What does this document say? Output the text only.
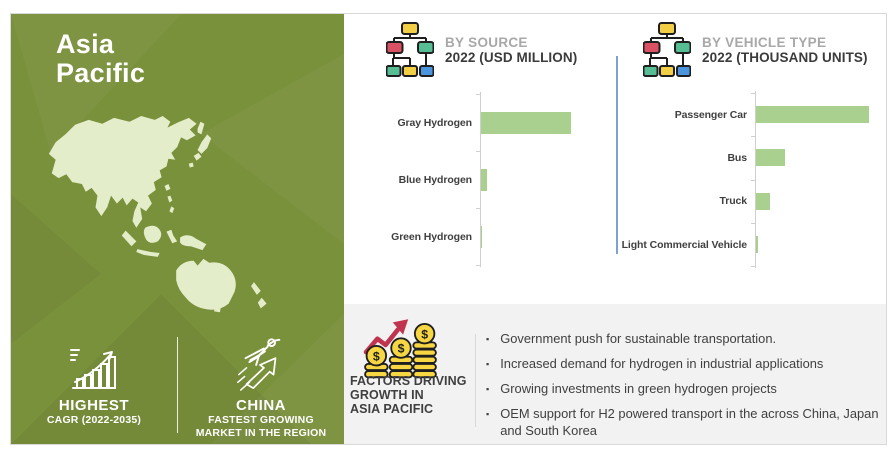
Asia
Pacific
HIGHEST
CAGR (2022-2035)
CHINA
FASTEST GROWING
MARKET IN THE REGION
BY SOURCE
2022 (USD MILLION)
BY VEHICLE TYPE
2022 (THOUSAND UNITS)
Gray Hydrogen
Blue Hydrogen
Green Hydrogen
Passenger Car
Bus
Truck
Light Commercial Vehicle
$
$
$
FACTORS DRIVING
GROWTH IN
ASIA PACIFIC
▪ Government push for sustainable transportation.
▪ Increased demand for hydrogen in industrial applications
▪ Growing investments in green hydrogen projects
▪ OEM support for H2 powered transport in the across China, Japan and South Korea
